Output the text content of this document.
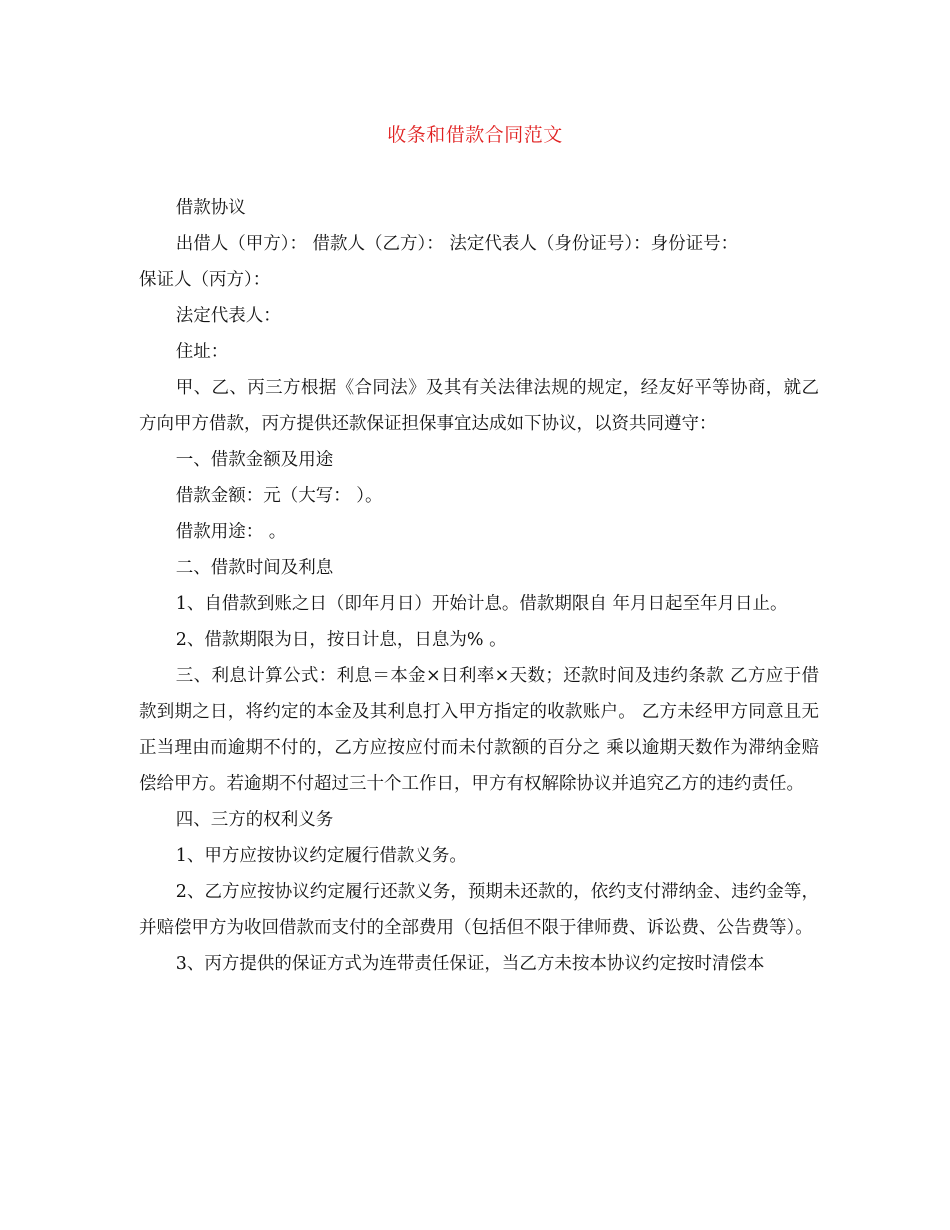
收条和借款合同范文

借款协议

出借人（甲方）： 借款人（乙方）： 法定代表人（身份证号）：身份证号：

保证人（丙方）：

法定代表人：

住址：

甲、乙、丙三方根据《合同法》及其有关法律法规的规定，经友好平等协商，就乙方向甲方借款，丙方提供还款保证担保事宜达成如下协议，以资共同遵守：

一、借款金额及用途

借款金额：元（大写： ）。

借款用途： 。

二、借款时间及利息

1、自借款到账之日（即年月日）开始计息。借款期限自 年月日起至年月日止。

2、借款期限为日，按日计息，日息为% 。

三、利息计算公式：利息＝本金×日利率×天数；还款时间及违约条款 乙方应于借款到期之日，将约定的本金及其利息打入甲方指定的收款账户。 乙方未经甲方同意且无正当理由而逾期不付的，乙方应按应付而未付款额的百分之 乘以逾期天数作为滞纳金赔偿给甲方。若逾期不付超过三十个工作日，甲方有权解除协议并追究乙方的违约责任。

四、三方的权利义务

1、甲方应按协议约定履行借款义务。

2、乙方应按协议约定履行还款义务，预期未还款的，依约支付滞纳金、违约金等，并赔偿甲方为收回借款而支付的全部费用（包括但不限于律师费、诉讼费、公告费等）。

3、丙方提供的保证方式为连带责任保证，当乙方未按本协议约定按时清偿本
